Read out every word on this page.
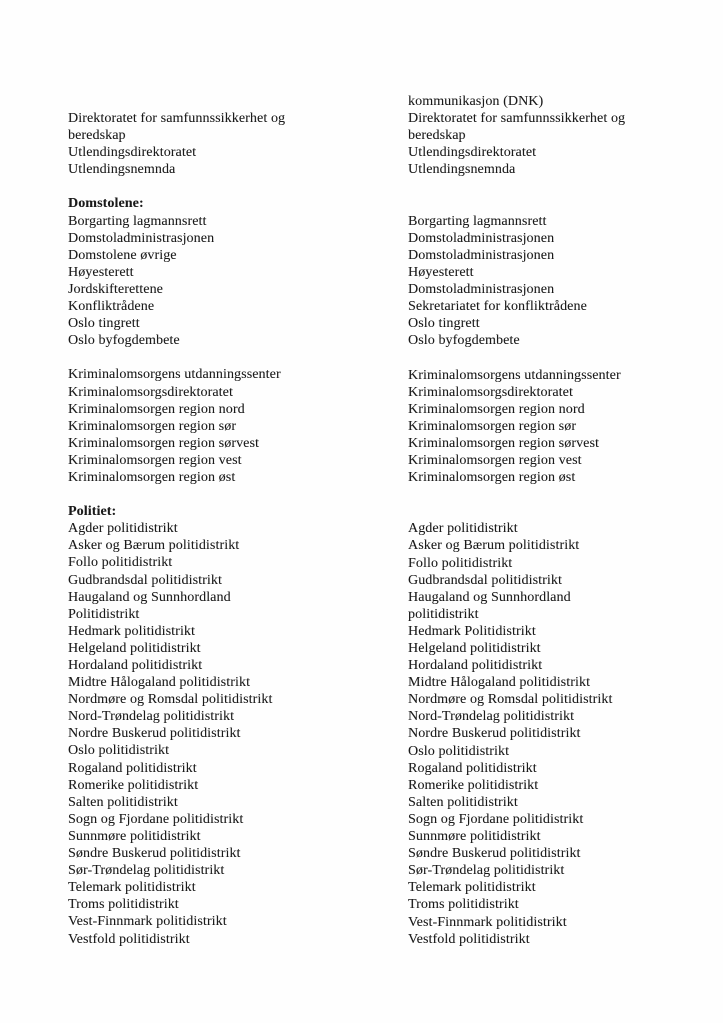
Direktoratet for samfunnssikkerhet og
beredskap
Utlendingsdirektoratet
Utlendingsnemnda
Domstolene:
Borgarting lagmannsrett
Domstoladministrasjonen
Domstolene øvrige
Høyesterett
Jordskifterettene
Konfliktrådene
Oslo tingrett
Oslo byfogdembete
Kriminalomsorgens utdanningssenter
Kriminalomsorgsdirektoratet
Kriminalomsorgen region nord
Kriminalomsorgen region sør
Kriminalomsorgen region sørvest
Kriminalomsorgen region vest
Kriminalomsorgen region øst
Politiet:
Agder politidistrikt
Asker og Bærum politidistrikt
Follo politidistrikt
Gudbrandsdal politidistrikt
Haugaland og Sunnhordland
Politidistrikt
Hedmark politidistrikt
Helgeland politidistrikt
Hordaland politidistrikt
Midtre Hålogaland politidistrikt
Nordmøre og Romsdal politidistrikt
Nord-Trøndelag politidistrikt
Nordre Buskerud politidistrikt
Oslo politidistrikt
Rogaland politidistrikt
Romerike politidistrikt
Salten politidistrikt
Sogn og Fjordane politidistrikt
Sunnmøre politidistrikt
Søndre Buskerud politidistrikt
Sør-Trøndelag politidistrikt
Telemark politidistrikt
Troms politidistrikt
Vest-Finnmark politidistrikt
Vestfold politidistrikt
kommunikasjon (DNK)
Direktoratet for samfunnssikkerhet og
beredskap
Utlendingsdirektoratet
Utlendingsnemnda
Borgarting lagmannsrett
Domstoladministrasjonen
Domstoladministrasjonen
Høyesterett
Domstoladministrasjonen
Sekretariatet for konfliktrådene
Oslo tingrett
Oslo byfogdembete
Kriminalomsorgens utdanningssenter
Kriminalomsorgsdirektoratet
Kriminalomsorgen region nord
Kriminalomsorgen region sør
Kriminalomsorgen region sørvest
Kriminalomsorgen region vest
Kriminalomsorgen region øst
Agder politidistrikt
Asker og Bærum politidistrikt
Follo politidistrikt
Gudbrandsdal politidistrikt
Haugaland og Sunnhordland
politidistrikt
Hedmark Politidistrikt
Helgeland politidistrikt
Hordaland politidistrikt
Midtre Hålogaland politidistrikt
Nordmøre og Romsdal politidistrikt
Nord-Trøndelag politidistrikt
Nordre Buskerud politidistrikt
Oslo politidistrikt
Rogaland politidistrikt
Romerike politidistrikt
Salten politidistrikt
Sogn og Fjordane politidistrikt
Sunnmøre politidistrikt
Søndre Buskerud politidistrikt
Sør-Trøndelag politidistrikt
Telemark politidistrikt
Troms politidistrikt
Vest-Finnmark politidistrikt
Vestfold politidistrikt
